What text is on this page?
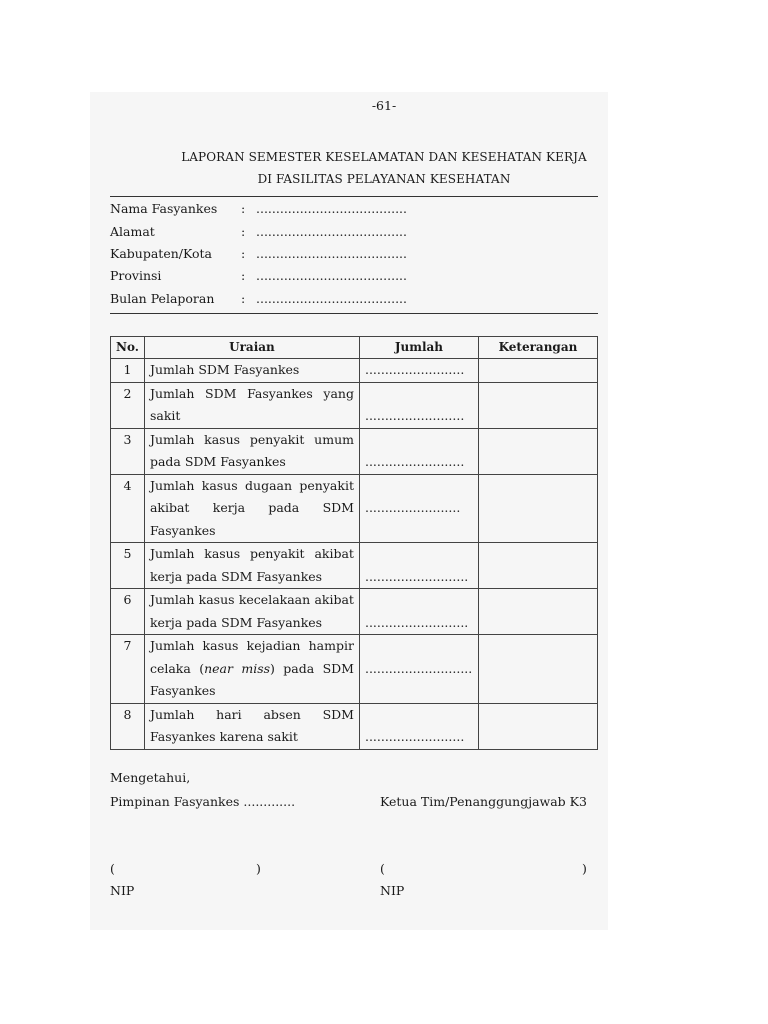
-61-
LAPORAN SEMESTER KESELAMATAN DAN KESEHATAN KERJA
DI FASILITAS PELAYANAN KESEHATAN
Nama Fasyankes : ......................................
Alamat	: ......................................
Kabupaten/Kota : ......................................
Provinsi	: ......................................
Bulan Pelaporan : ......................................
No.	Uraian	Jumlah	Keterangan
1	Jumlah SDM Fasyankes	.........................	
2	Jumlah SDM Fasyankes yang sakit	.........................	
3	Jumlah kasus penyakit umum pada SDM Fasyankes	.........................	
4	Jumlah kasus dugaan penyakit akibat kerja pada SDM Fasyankes	........................	
5	Jumlah kasus penyakit akibat kerja pada SDM Fasyankes	..........................	
6	Jumlah kasus kecelakaan akibat kerja pada SDM Fasyankes	..........................	
7	Jumlah kasus kejadian hampir celaka (near miss) pada SDM Fasyankes	...........................	
8	Jumlah hari absen SDM Fasyankes karena sakit	.........................	
Mengetahui,
Pimpinan Fasyankes .............	Ketua Tim/Penanggungjawab K3
(	)	(	)
NIP	NIP
